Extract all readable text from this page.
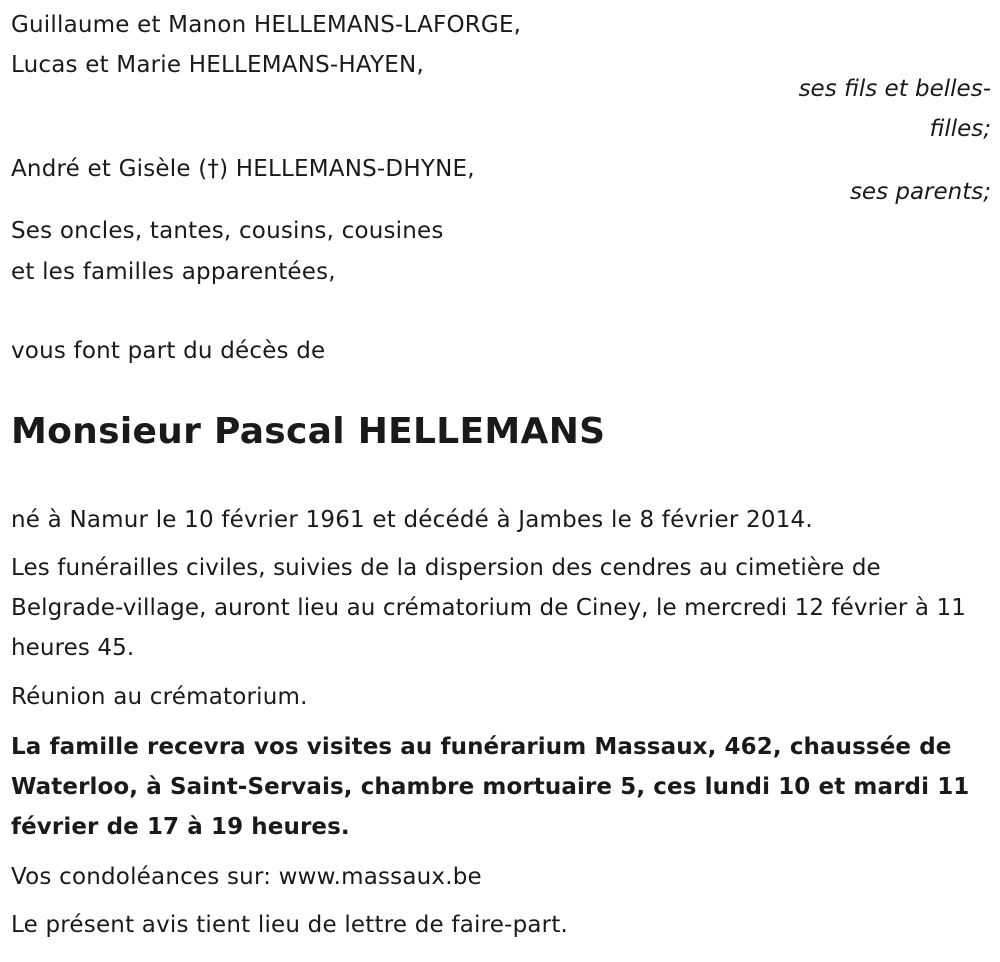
Guillaume et Manon HELLEMANS-LAFORGE,
Lucas et Marie HELLEMANS-HAYEN,
ses fils et belles-
filles;
André et Gisèle (†) HELLEMANS-DHYNE,
ses parents;
Ses oncles, tantes, cousins, cousines
et les familles apparentées,
vous font part du décès de
Monsieur Pascal HELLEMANS
né à Namur le 10 février 1961 et décédé à Jambes le 8 février 2014.
Les funérailles civiles, suivies de la dispersion des cendres au cimetière de Belgrade-village, auront lieu au crématorium de Ciney, le mercredi 12 février à 11 heures 45.
Réunion au crématorium.
La famille recevra vos visites au funérarium Massaux, 462, chaussée de Waterloo, à Saint-Servais, chambre mortuaire 5, ces lundi 10 et mardi 11 février de 17 à 19 heures.
Vos condoléances sur: www.massaux.be
Le présent avis tient lieu de lettre de faire-part.
